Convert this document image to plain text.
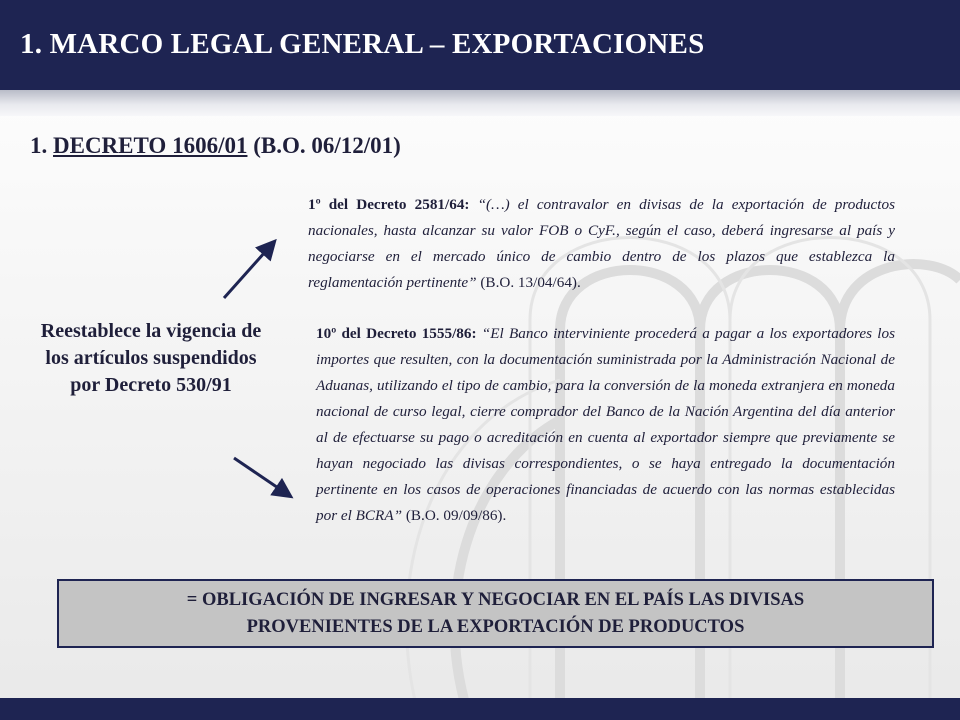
1. MARCO LEGAL GENERAL – EXPORTACIONES
1. DECRETO 1606/01 (B.O. 06/12/01)
Reestablece la vigencia de los artículos suspendidos por Decreto 530/91
1º del Decreto 2581/64: “(…) el contravalor en divisas de la exportación de productos nacionales, hasta alcanzar su valor FOB o CyF., según el caso, deberá ingresarse al país y negociarse en el mercado único de cambio dentro de los plazos que establezca la reglamentación pertinente” (B.O. 13/04/64).
10º del Decreto 1555/86: “El Banco interviniente procederá a pagar a los exportadores los importes que resulten, con la documentación suministrada por la Administración Nacional de Aduanas, utilizando el tipo de cambio, para la conversión de la moneda extranjera en moneda nacional de curso legal, cierre comprador del Banco de la Nación Argentina del día anterior al de efectuarse su pago o acreditación en cuenta al exportador siempre que previamente se hayan negociado las divisas correspondientes, o se haya entregado la documentación pertinente en los casos de operaciones financiadas de acuerdo con las normas establecidas por el BCRA” (B.O. 09/09/86).
= OBLIGACIÓN DE INGRESAR Y NEGOCIAR EN EL PAÍS LAS DIVISAS
PROVENIENTES DE LA EXPORTACIÓN DE PRODUCTOS
